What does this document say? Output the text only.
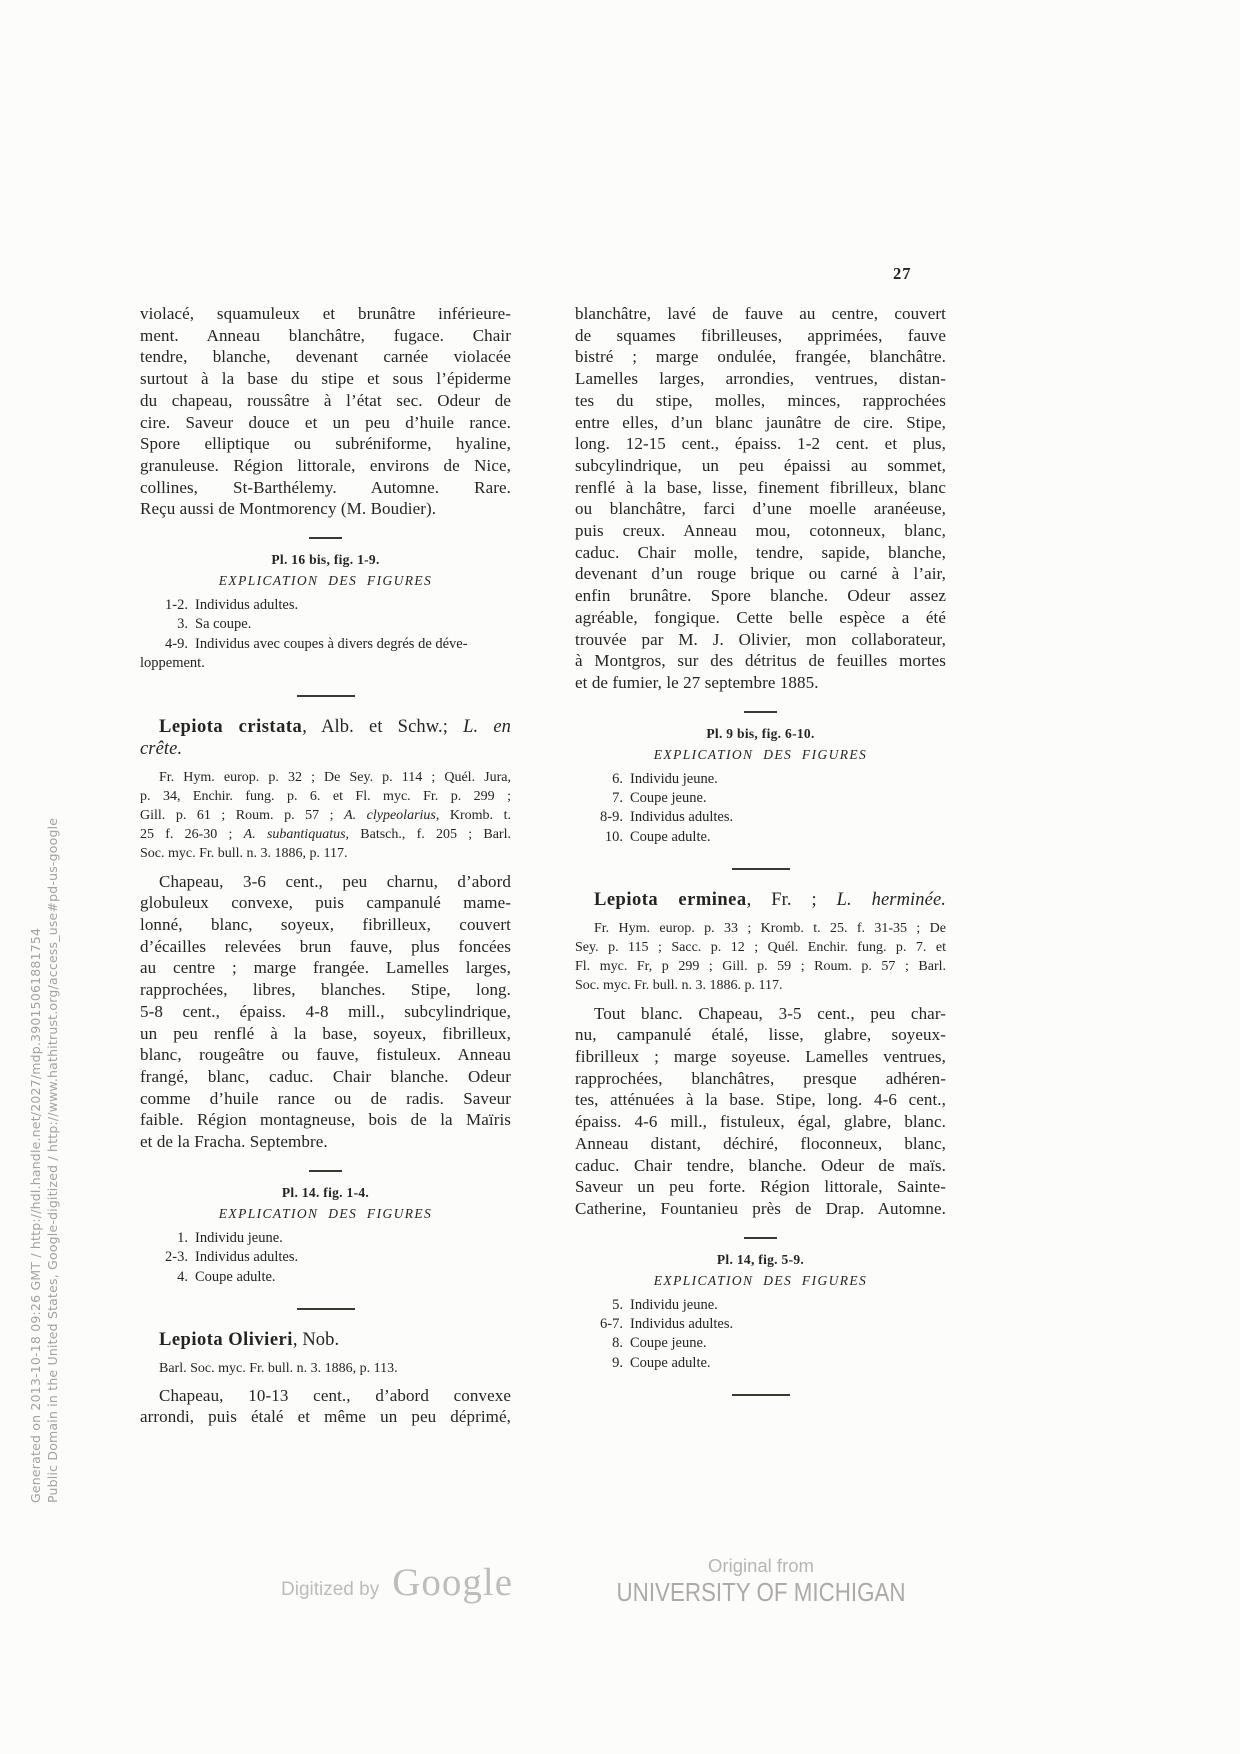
27
violacé, squamuleux et brunâtre inférieure-
ment. Anneau blanchâtre, fugace. Chair
tendre, blanche, devenant carnée violacée
surtout à la base du stipe et sous l’épiderme
du chapeau, roussâtre à l’état sec. Odeur de
cire. Saveur douce et un peu d’huile rance.
Spore elliptique ou subréniforme, hyaline,
granuleuse. Région littorale, environs de Nice,
collines, St-Barthélemy. Automne. Rare.
Reçu aussi de Montmorency (M. Boudier).
Pl. 16 bis, fig. 1-9.
EXPLICATION DES FIGURES
1-2. Individus adultes.
3. Sa coupe.
4-9. Individus avec coupes à divers degrés de déve-
loppement.
Lepiota cristata, Alb. et Schw.; L. en
crête.
Fr. Hym. europ. p. 32 ; De Sey. p. 114 ; Quél. Jura,
p. 34, Enchir. fung. p. 6. et Fl. myc. Fr. p. 299 ;
Gill. p. 61 ; Roum. p. 57 ; A. clypeolarius, Kromb. t.
25 f. 26-30 ; A. subantiquatus, Batsch., f. 205 ; Barl.
Soc. myc. Fr. bull. n. 3. 1886, p. 117.
Chapeau, 3-6 cent., peu charnu, d’abord
globuleux convexe, puis campanulé mame-
lonné, blanc, soyeux, fibrilleux, couvert
d’écailles relevées brun fauve, plus foncées
au centre ; marge frangée. Lamelles larges,
rapprochées, libres, blanches. Stipe, long.
5-8 cent., épaiss. 4-8 mill., subcylindrique,
un peu renflé à la base, soyeux, fibrilleux,
blanc, rougeâtre ou fauve, fistuleux. Anneau
frangé, blanc, caduc. Chair blanche. Odeur
comme d’huile rance ou de radis. Saveur
faible. Région montagneuse, bois de la Maïris
et de la Fracha. Septembre.
Pl. 14. fig. 1-4.
EXPLICATION DES FIGURES
1. Individu jeune.
2-3. Individus adultes.
4. Coupe adulte.
Lepiota Olivieri, Nob.
Barl. Soc. myc. Fr. bull. n. 3. 1886, p. 113.
Chapeau, 10-13 cent., d’abord convexe
arrondi, puis étalé et même un peu déprimé,
blanchâtre, lavé de fauve au centre, couvert
de squames fibrilleuses, apprimées, fauve
bistré ; marge ondulée, frangée, blanchâtre.
Lamelles larges, arrondies, ventrues, distan-
tes du stipe, molles, minces, rapprochées
entre elles, d’un blanc jaunâtre de cire. Stipe,
long. 12-15 cent., épaiss. 1-2 cent. et plus,
subcylindrique, un peu épaissi au sommet,
renflé à la base, lisse, finement fibrilleux, blanc
ou blanchâtre, farci d’une moelle aranéeuse,
puis creux. Anneau mou, cotonneux, blanc,
caduc. Chair molle, tendre, sapide, blanche,
devenant d’un rouge brique ou carné à l’air,
enfin brunâtre. Spore blanche. Odeur assez
agréable, fongique. Cette belle espèce a été
trouvée par M. J. Olivier, mon collaborateur,
à Montgros, sur des détritus de feuilles mortes
et de fumier, le 27 septembre 1885.
Pl. 9 bis, fig. 6-10.
EXPLICATION DES FIGURES
6. Individu jeune.
7. Coupe jeune.
8-9. Individus adultes.
10. Coupe adulte.
Lepiota erminea, Fr. ; L. herminée.
Fr. Hym. europ. p. 33 ; Kromb. t. 25. f. 31-35 ; De
Sey. p. 115 ; Sacc. p. 12 ; Quél. Enchir. fung. p. 7. et
Fl. myc. Fr, p 299 ; Gill. p. 59 ; Roum. p. 57 ; Barl.
Soc. myc. Fr. bull. n. 3. 1886. p. 117.
Tout blanc. Chapeau, 3-5 cent., peu char-
nu, campanulé étalé, lisse, glabre, soyeux-
fibrilleux ; marge soyeuse. Lamelles ventrues,
rapprochées, blanchâtres, presque adhéren-
tes, atténuées à la base. Stipe, long. 4-6 cent.,
épaiss. 4-6 mill., fistuleux, égal, glabre, blanc.
Anneau distant, déchiré, floconneux, blanc,
caduc. Chair tendre, blanche. Odeur de maïs.
Saveur un peu forte. Région littorale, Sainte-
Catherine, Fountanieu près de Drap. Automne.
Pl. 14, fig. 5-9.
EXPLICATION DES FIGURES
5. Individu jeune.
6-7. Individus adultes.
8. Coupe jeune.
9. Coupe adulte.
Generated on 2013-10-18 09:26 GMT / http://hdl.handle.net/2027/mdp.39015061881754 Public Domain in the United States, Google-digitized / http://www.hathitrust.org/access_use#pd-us-google
Digitized by Google	Original from
UNIVERSITY OF MICHIGAN
